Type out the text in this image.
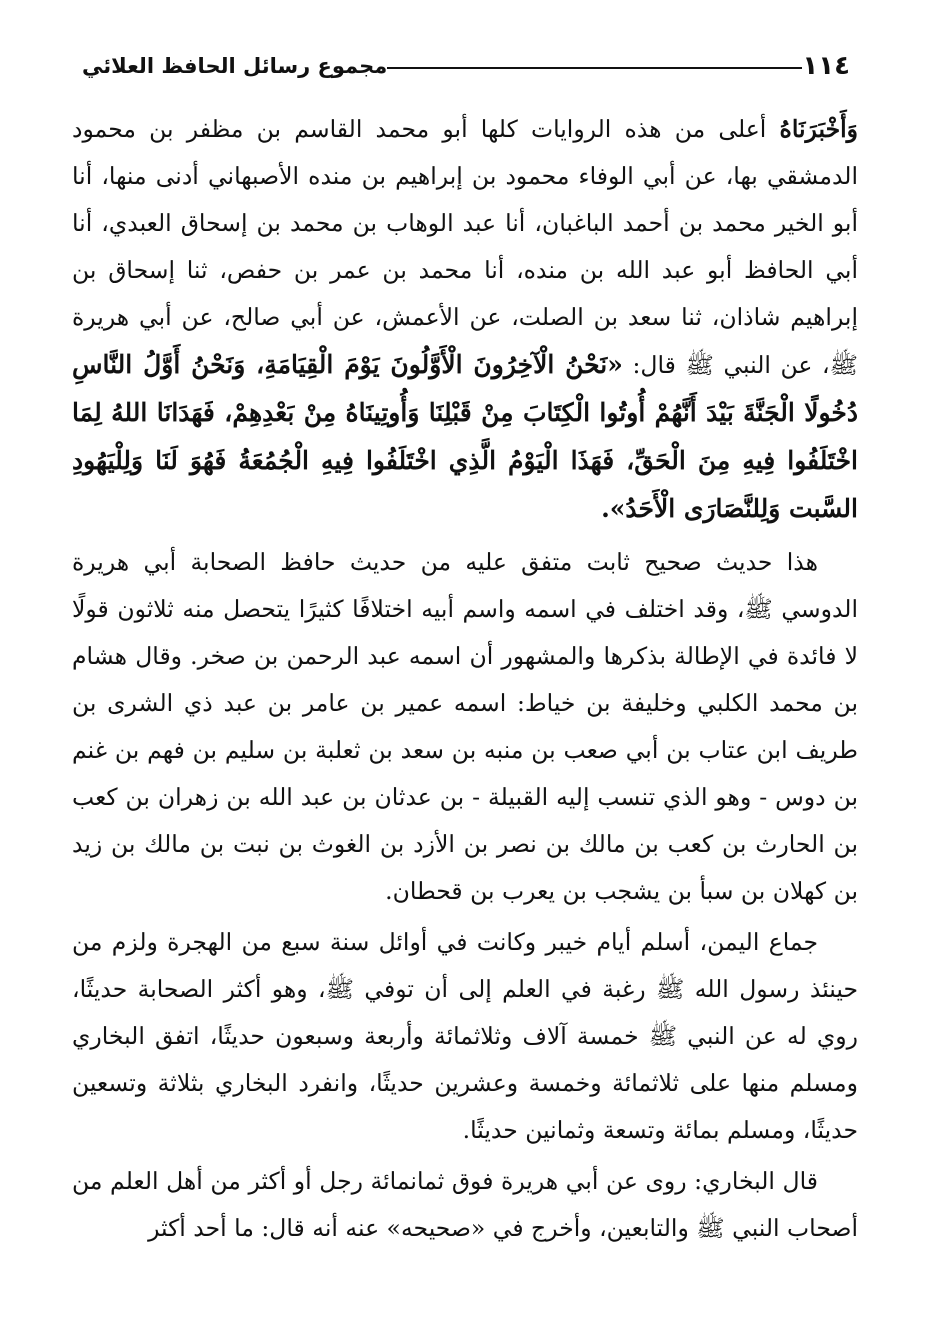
١١٤
مجموع رسائل الحافظ العلائي

وَأَخْبَرَنَاهُ أعلى من هذه الروايات كلها أبو محمد القاسم بن مظفر بن محمود الدمشقي بها، عن أبي الوفاء محمود بن إبراهيم بن منده الأصبهاني أدنى منها، أنا أبو الخير محمد بن أحمد الباغبان، أنا عبد الوهاب بن محمد بن إسحاق العبدي، أنا أبي الحافظ أبو عبد الله بن منده، أنا محمد بن عمر بن حفص، ثنا إسحاق بن إبراهيم شاذان، ثنا سعد بن الصلت، عن الأعمش، عن أبي صالح، عن أبي هريرة ﷺ، عن النبي ﷺ قال: «نَحْنُ الْآخِرُونَ الْأَوَّلُونَ يَوْمَ الْقِيَامَةِ، وَنَحْنُ أَوَّلُ النَّاسِ دُخُولًا الْجَنَّةَ بَيْدَ أَنَّهُمْ أُوتُوا الْكِتَابَ مِنْ قَبْلِنَا وَأُوتِينَاهُ مِنْ بَعْدِهِمْ، فَهَدَانَا اللهُ لِمَا اخْتَلَفُوا فِيهِ مِنَ الْحَقِّ، فَهَذَا الْيَوْمُ الَّذِي اخْتَلَفُوا فِيهِ الْجُمُعَةُ فَهُوَ لَنَا وَلِلْيَهُودِ السَّبت وَلِلنَّصَارَى الْأَحَدُ».

هذا حديث صحيح ثابت متفق عليه من حديث حافظ الصحابة أبي هريرة الدوسي ﷺ، وقد اختلف في اسمه واسم أبيه اختلافًا كثيرًا يتحصل منه ثلاثون قولًا لا فائدة في الإطالة بذكرها والمشهور أن اسمه عبد الرحمن بن صخر. وقال هشام بن محمد الكلبي وخليفة بن خياط: اسمه عمير بن عامر بن عبد ذي الشرى بن طريف ابن عتاب بن أبي صعب بن منبه بن سعد بن ثعلبة بن سليم بن فهم بن غنم بن دوس - وهو الذي تنسب إليه القبيلة - بن عدثان بن عبد الله بن زهران بن كعب بن الحارث بن كعب بن مالك بن نصر بن الأزد بن الغوث بن نبت بن مالك بن زيد بن كهلان بن سبأ بن يشجب بن يعرب بن قحطان.

جماع اليمن، أسلم أيام خيبر وكانت في أوائل سنة سبع من الهجرة ولزم من حينئذ رسول الله ﷺ رغبة في العلم إلى أن توفي ﷺ، وهو أكثر الصحابة حديثًا، روي له عن النبي ﷺ خمسة آلاف وثلاثمائة وأربعة وسبعون حديثًا، اتفق البخاري ومسلم منها على ثلاثمائة وخمسة وعشرين حديثًا، وانفرد البخاري بثلاثة وتسعين حديثًا، ومسلم بمائة وتسعة وثمانين حديثًا.

قال البخاري: روى عن أبي هريرة فوق ثمانمائة رجل أو أكثر من أهل العلم من أصحاب النبي ﷺ والتابعين، وأخرج في «صحيحه» عنه أنه قال: ما أحد أكثر
